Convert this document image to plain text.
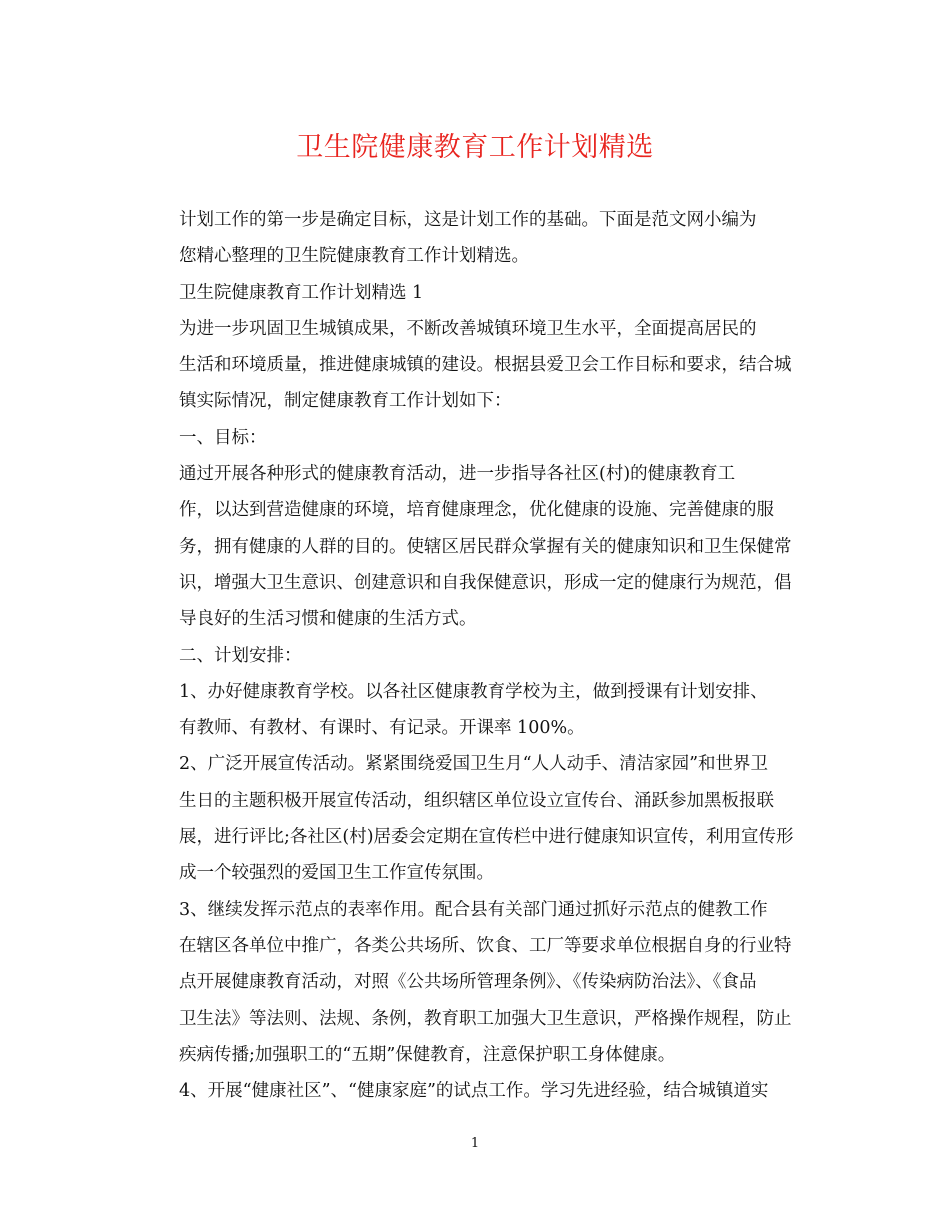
卫生院健康教育工作计划精选

计划工作的第一步是确定目标，这是计划工作的基础。下面是范文网小编为
您精心整理的卫生院健康教育工作计划精选。

卫生院健康教育工作计划精选 1

为进一步巩固卫生城镇成果，不断改善城镇环境卫生水平，全面提高居民的
生活和环境质量，推进健康城镇的建设。根据县爱卫会工作目标和要求，结合城
镇实际情况，制定健康教育工作计划如下：

一、目标：

通过开展各种形式的健康教育活动，进一步指导各社区(村)的健康教育工
作，以达到营造健康的环境，培育健康理念，优化健康的设施、完善健康的服
务，拥有健康的人群的目的。使辖区居民群众掌握有关的健康知识和卫生保健常
识，增强大卫生意识、创建意识和自我保健意识，形成一定的健康行为规范，倡
导良好的生活习惯和健康的生活方式。

二、计划安排：

1、办好健康教育学校。以各社区健康教育学校为主，做到授课有计划安排、
有教师、有教材、有课时、有记录。开课率 100%。

2、广泛开展宣传活动。紧紧围绕爱国卫生月“人人动手、清洁家园”和世界卫
生日的主题积极开展宣传活动，组织辖区单位设立宣传台、涌跃参加黑板报联
展，进行评比;各社区(村)居委会定期在宣传栏中进行健康知识宣传，利用宣传形
成一个较强烈的爱国卫生工作宣传氛围。

3、继续发挥示范点的表率作用。配合县有关部门通过抓好示范点的健教工作
在辖区各单位中推广，各类公共场所、饮食、工厂等要求单位根据自身的行业特
点开展健康教育活动，对照《公共场所管理条例》、《传染病防治法》、《食品
卫生法》等法则、法规、条例，教育职工加强大卫生意识，严格操作规程，防止
疾病传播;加强职工的“五期”保健教育，注意保护职工身体健康。

4、开展“健康社区”、“健康家庭”的试点工作。学习先进经验，结合城镇道实

1
